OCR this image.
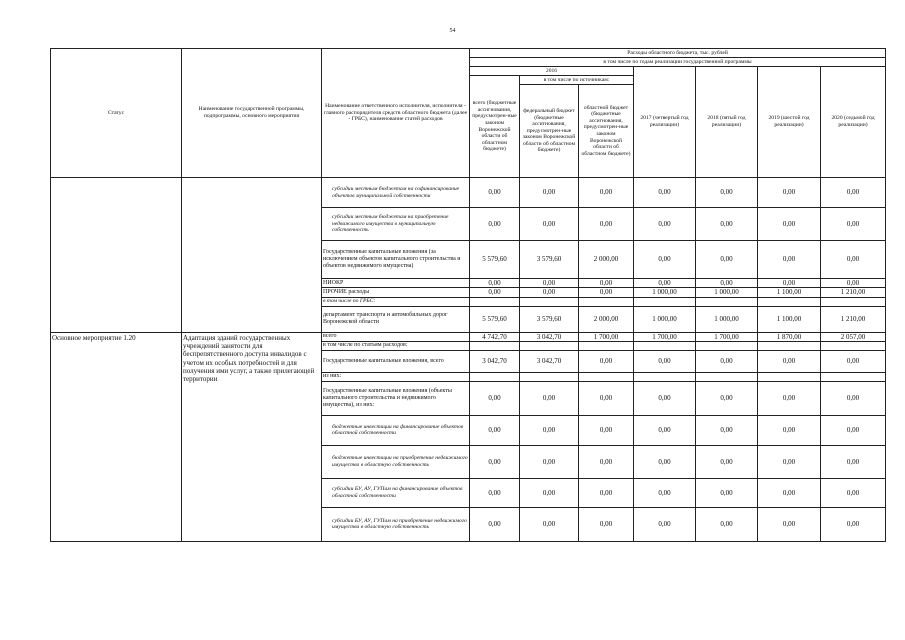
54
Статус	Наименование государственной программы, подпрограммы, основного мероприятия	Наименование ответственного исполнителя, исполнителя - главного распорядителя средств областного бюджета (далее - ГРБС), наименование статей расходов	Расходы областного бюджета, тыс. рублей						
			в том числе по годам реализации государственной программы						
			2016			2017 (четвертый год реализации)	2018 (пятый год реализации)	2019 (шестой год реализации)	2020 (седьмой год реализации)
			всего (бюджетные ассигнования, предусмотрен-ные законом Воронежской области об областном бюджете)	в том числе по источникам:					
				федеральный бюджет (бюджетные ассигнования, предусмотрен-ные законом Воронежской области об областном бюджете)	областной бюджет (бюджетные ассигнования, предусмотрен-ные законом Воронежской области об областном бюджете)				
		субсидии местным бюджетам на софинансирование объектов муниципальной собственности	0,00	0,00	0,00	0,00	0,00	0,00	0,00
		субсидии местным бюджетам на приобретение недвижимого имущества в муниципальную собственность	0,00	0,00	0,00	0,00	0,00	0,00	0,00
		Государственные капитальные вложения (за исключением объектов капитального строительства и объектов недвижимого имущества)	5 579,60	3 579,60	2 000,00	0,00	0,00	0,00	0,00
		НИОКР	0,00	0,00	0,00	0,00	0,00	0,00	0,00
		ПРОЧИЕ расходы	0,00	0,00	0,00	1 000,00	1 000,00	1 100,00	1 210,00
		в том числе по ГРБС:							
		департамент транспорта и автомобильных дорог Воронежской области	5 579,60	3 579,60	2 000,00	1 000,00	1 000,00	1 100,00	1 210,00
Основное мероприятие 1.20	Адаптация зданий государственных учреждений занятости для беспрепятственного доступа инвалидов с учетом их особых потребностей и для получения ими услуг, а также прилегающей территории	всего	4 742,70	3 042,70	1 700,00	1 700,00	1 700,00	1 870,00	2 057,00
		в том числе по статьям расходов:							
		Государственные капитальные вложения, всего	3 042,70	3 042,70	0,00	0,00	0,00	0,00	0,00
		из них:							
		Государственные капитальные вложения (объекты капитального строительства и недвижимого имущества), из них:	0,00	0,00	0,00	0,00	0,00	0,00	0,00
		бюджетные инвестиции на финансирование объектов областной собственности	0,00	0,00	0,00	0,00	0,00	0,00	0,00
		бюджетные инвестиции на приобретение недвижимого имущества в областную собственность	0,00	0,00	0,00	0,00	0,00	0,00	0,00
		субсидии БУ, АУ, ГУПам на финансирование объектов областной собственности	0,00	0,00	0,00	0,00	0,00	0,00	0,00
		субсидии БУ, АУ, ГУПам на приобретение недвижимого имущества в областную собственность	0,00	0,00	0,00	0,00	0,00	0,00	0,00
